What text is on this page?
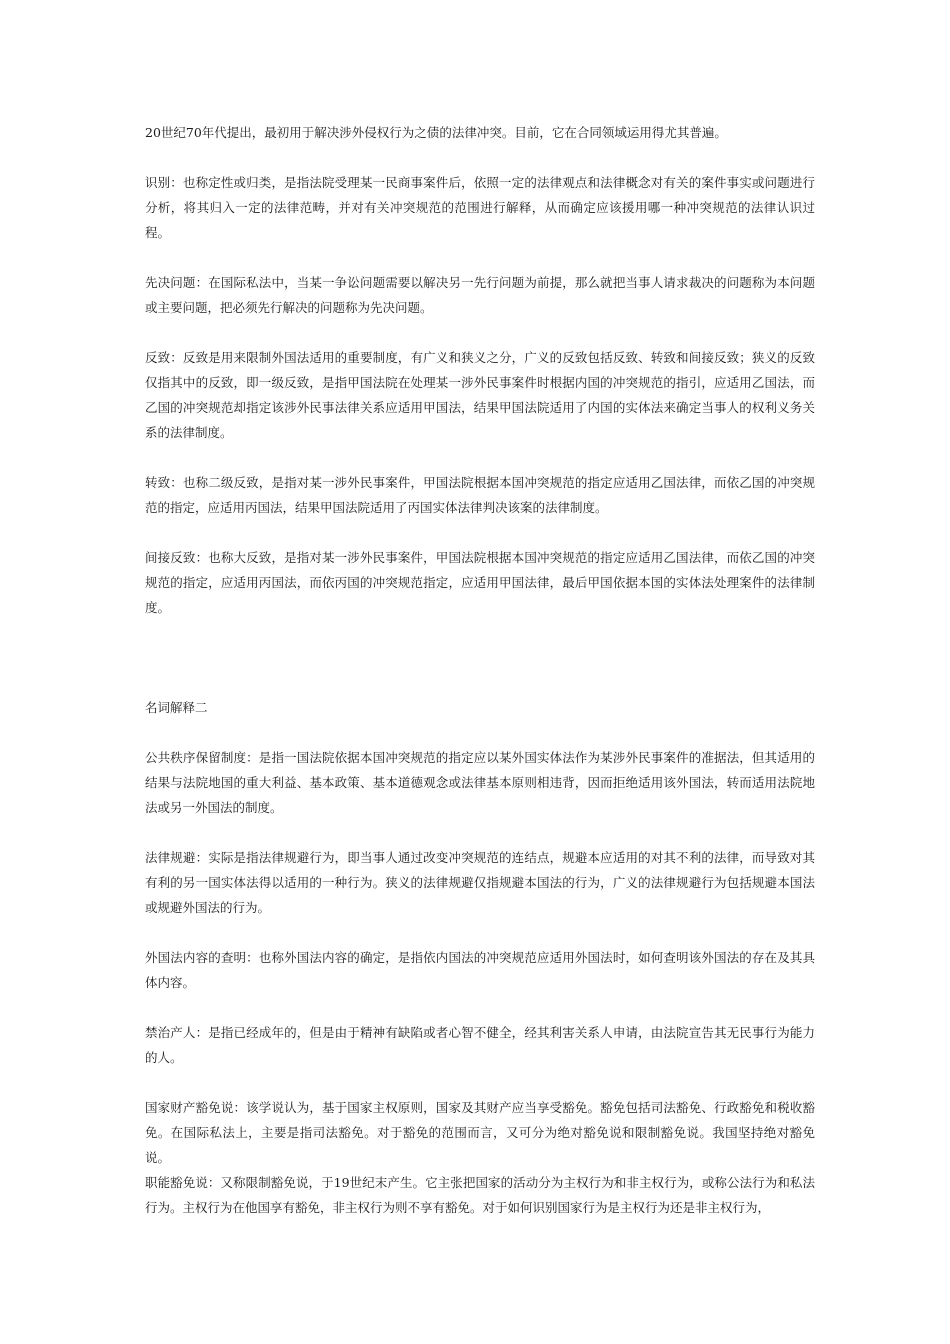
20世纪70年代提出，最初用于解决涉外侵权行为之债的法律冲突。目前，它在合同领域运用得尤其普遍。

识别：也称定性或归类，是指法院受理某一民商事案件后，依照一定的法律观点和法律概念对有关的案件事实或问题进行分析，将其归入一定的法律范畴，并对有关冲突规范的范围进行解释，从而确定应该援用哪一种冲突规范的法律认识过程。

先决问题：在国际私法中，当某一争讼问题需要以解决另一先行问题为前提，那么就把当事人请求裁决的问题称为本问题或主要问题，把必须先行解决的问题称为先决问题。

反致：反致是用来限制外国法适用的重要制度，有广义和狭义之分，广义的反致包括反致、转致和间接反致；狭义的反致仅指其中的反致，即一级反致，是指甲国法院在处理某一涉外民事案件时根据内国的冲突规范的指引，应适用乙国法，而乙国的冲突规范却指定该涉外民事法律关系应适用甲国法，结果甲国法院适用了内国的实体法来确定当事人的权利义务关系的法律制度。

转致：也称二级反致，是指对某一涉外民事案件，甲国法院根据本国冲突规范的指定应适用乙国法律，而依乙国的冲突规范的指定，应适用丙国法，结果甲国法院适用了丙国实体法律判决该案的法律制度。

间接反致：也称大反致，是指对某一涉外民事案件，甲国法院根据本国冲突规范的指定应适用乙国法律，而依乙国的冲突规范的指定，应适用丙国法，而依丙国的冲突规范指定，应适用甲国法律，最后甲国依据本国的实体法处理案件的法律制度。

名词解释二

公共秩序保留制度：是指一国法院依据本国冲突规范的指定应以某外国实体法作为某涉外民事案件的准据法，但其适用的结果与法院地国的重大利益、基本政策、基本道德观念或法律基本原则相违背，因而拒绝适用该外国法，转而适用法院地法或另一外国法的制度。

法律规避：实际是指法律规避行为，即当事人通过改变冲突规范的连结点，规避本应适用的对其不利的法律，而导致对其有利的另一国实体法得以适用的一种行为。狭义的法律规避仅指规避本国法的行为，广义的法律规避行为包括规避本国法或规避外国法的行为。

外国法内容的查明：也称外国法内容的确定，是指依内国法的冲突规范应适用外国法时，如何查明该外国法的存在及其具体内容。

禁治产人：是指已经成年的，但是由于精神有缺陷或者心智不健全，经其利害关系人申请，由法院宣告其无民事行为能力的人。

国家财产豁免说：该学说认为，基于国家主权原则，国家及其财产应当享受豁免。豁免包括司法豁免、行政豁免和税收豁免。在国际私法上，主要是指司法豁免。对于豁免的范围而言，又可分为绝对豁免说和限制豁免说。我国坚持绝对豁免说。

职能豁免说：又称限制豁免说，于19世纪末产生。它主张把国家的活动分为主权行为和非主权行为，或称公法行为和私法行为。主权行为在他国享有豁免，非主权行为则不享有豁免。对于如何识别国家行为是主权行为还是非主权行为，
